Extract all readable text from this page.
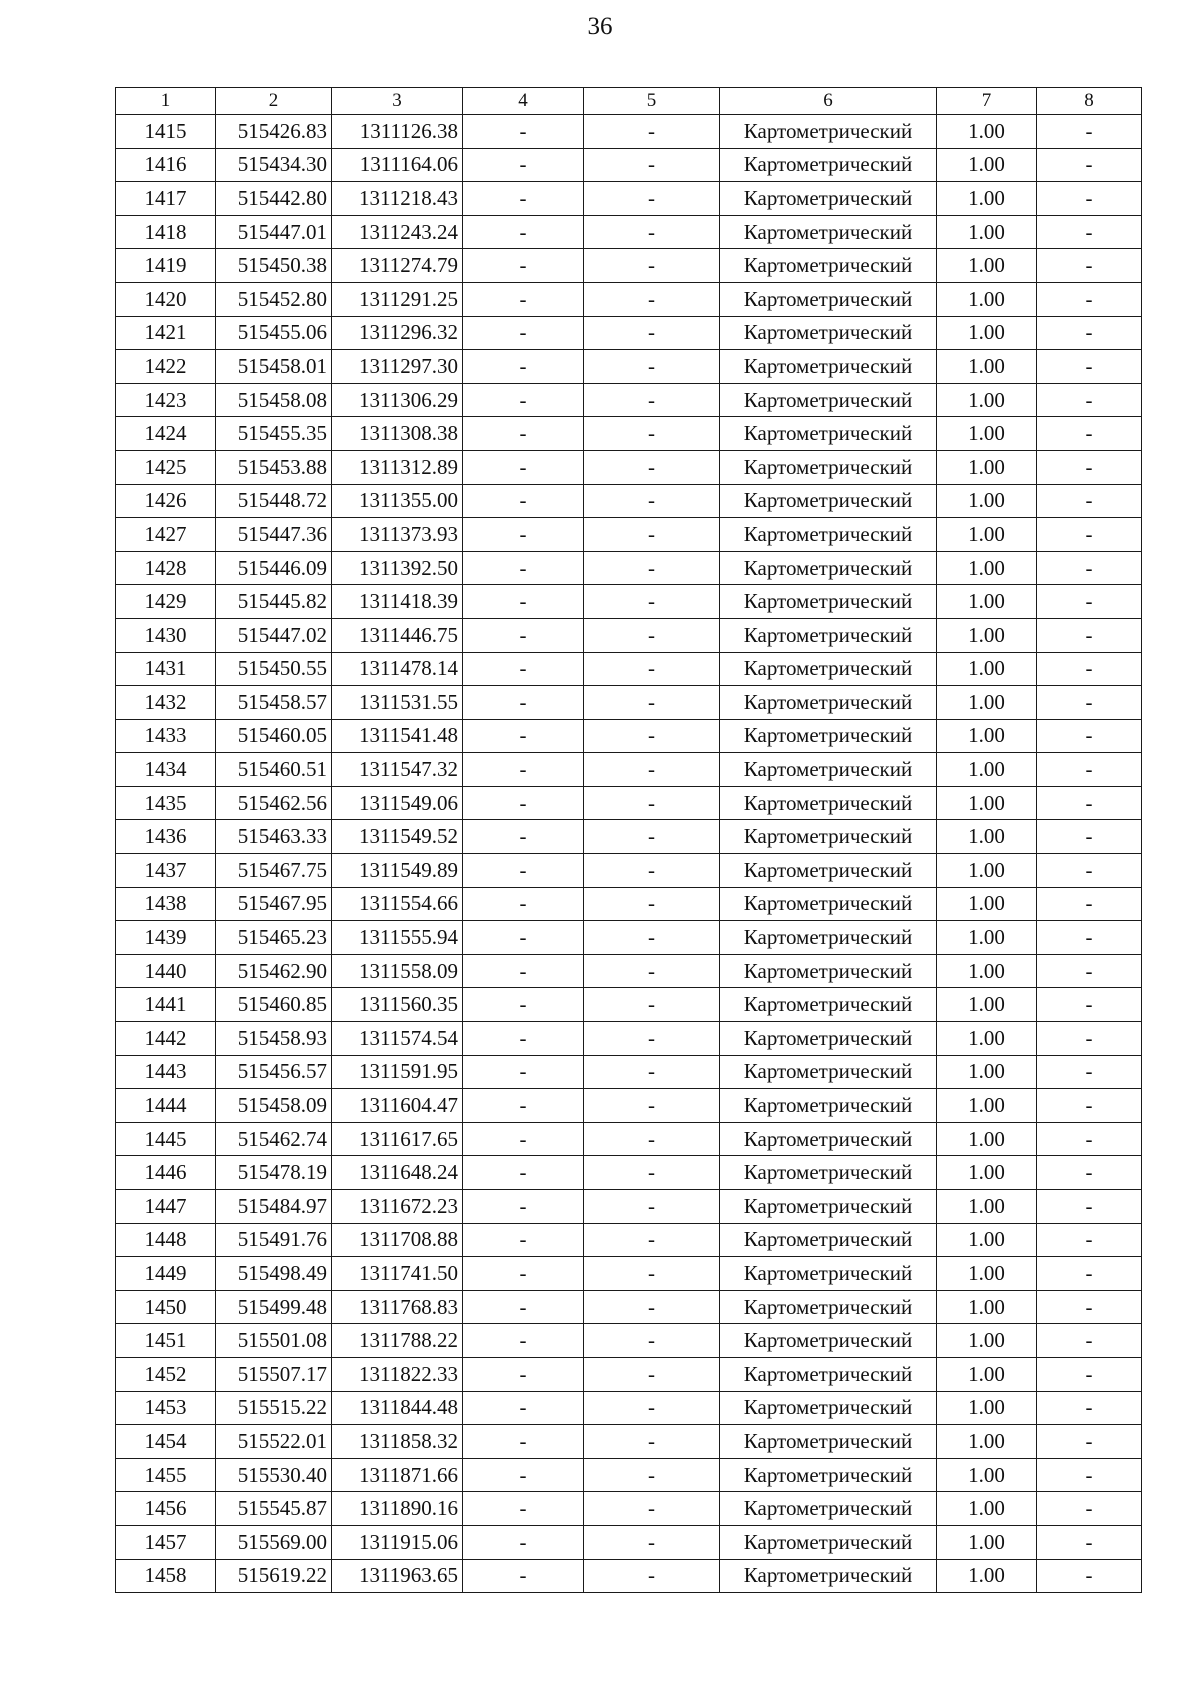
36
1	2	3	4	5	6	7	8
1415	515426.83	1311126.38	-	-	Картометрический	1.00	-
1416	515434.30	1311164.06	-	-	Картометрический	1.00	-
1417	515442.80	1311218.43	-	-	Картометрический	1.00	-
1418	515447.01	1311243.24	-	-	Картометрический	1.00	-
1419	515450.38	1311274.79	-	-	Картометрический	1.00	-
1420	515452.80	1311291.25	-	-	Картометрический	1.00	-
1421	515455.06	1311296.32	-	-	Картометрический	1.00	-
1422	515458.01	1311297.30	-	-	Картометрический	1.00	-
1423	515458.08	1311306.29	-	-	Картометрический	1.00	-
1424	515455.35	1311308.38	-	-	Картометрический	1.00	-
1425	515453.88	1311312.89	-	-	Картометрический	1.00	-
1426	515448.72	1311355.00	-	-	Картометрический	1.00	-
1427	515447.36	1311373.93	-	-	Картометрический	1.00	-
1428	515446.09	1311392.50	-	-	Картометрический	1.00	-
1429	515445.82	1311418.39	-	-	Картометрический	1.00	-
1430	515447.02	1311446.75	-	-	Картометрический	1.00	-
1431	515450.55	1311478.14	-	-	Картометрический	1.00	-
1432	515458.57	1311531.55	-	-	Картометрический	1.00	-
1433	515460.05	1311541.48	-	-	Картометрический	1.00	-
1434	515460.51	1311547.32	-	-	Картометрический	1.00	-
1435	515462.56	1311549.06	-	-	Картометрический	1.00	-
1436	515463.33	1311549.52	-	-	Картометрический	1.00	-
1437	515467.75	1311549.89	-	-	Картометрический	1.00	-
1438	515467.95	1311554.66	-	-	Картометрический	1.00	-
1439	515465.23	1311555.94	-	-	Картометрический	1.00	-
1440	515462.90	1311558.09	-	-	Картометрический	1.00	-
1441	515460.85	1311560.35	-	-	Картометрический	1.00	-
1442	515458.93	1311574.54	-	-	Картометрический	1.00	-
1443	515456.57	1311591.95	-	-	Картометрический	1.00	-
1444	515458.09	1311604.47	-	-	Картометрический	1.00	-
1445	515462.74	1311617.65	-	-	Картометрический	1.00	-
1446	515478.19	1311648.24	-	-	Картометрический	1.00	-
1447	515484.97	1311672.23	-	-	Картометрический	1.00	-
1448	515491.76	1311708.88	-	-	Картометрический	1.00	-
1449	515498.49	1311741.50	-	-	Картометрический	1.00	-
1450	515499.48	1311768.83	-	-	Картометрический	1.00	-
1451	515501.08	1311788.22	-	-	Картометрический	1.00	-
1452	515507.17	1311822.33	-	-	Картометрический	1.00	-
1453	515515.22	1311844.48	-	-	Картометрический	1.00	-
1454	515522.01	1311858.32	-	-	Картометрический	1.00	-
1455	515530.40	1311871.66	-	-	Картометрический	1.00	-
1456	515545.87	1311890.16	-	-	Картометрический	1.00	-
1457	515569.00	1311915.06	-	-	Картометрический	1.00	-
1458	515619.22	1311963.65	-	-	Картометрический	1.00	-
